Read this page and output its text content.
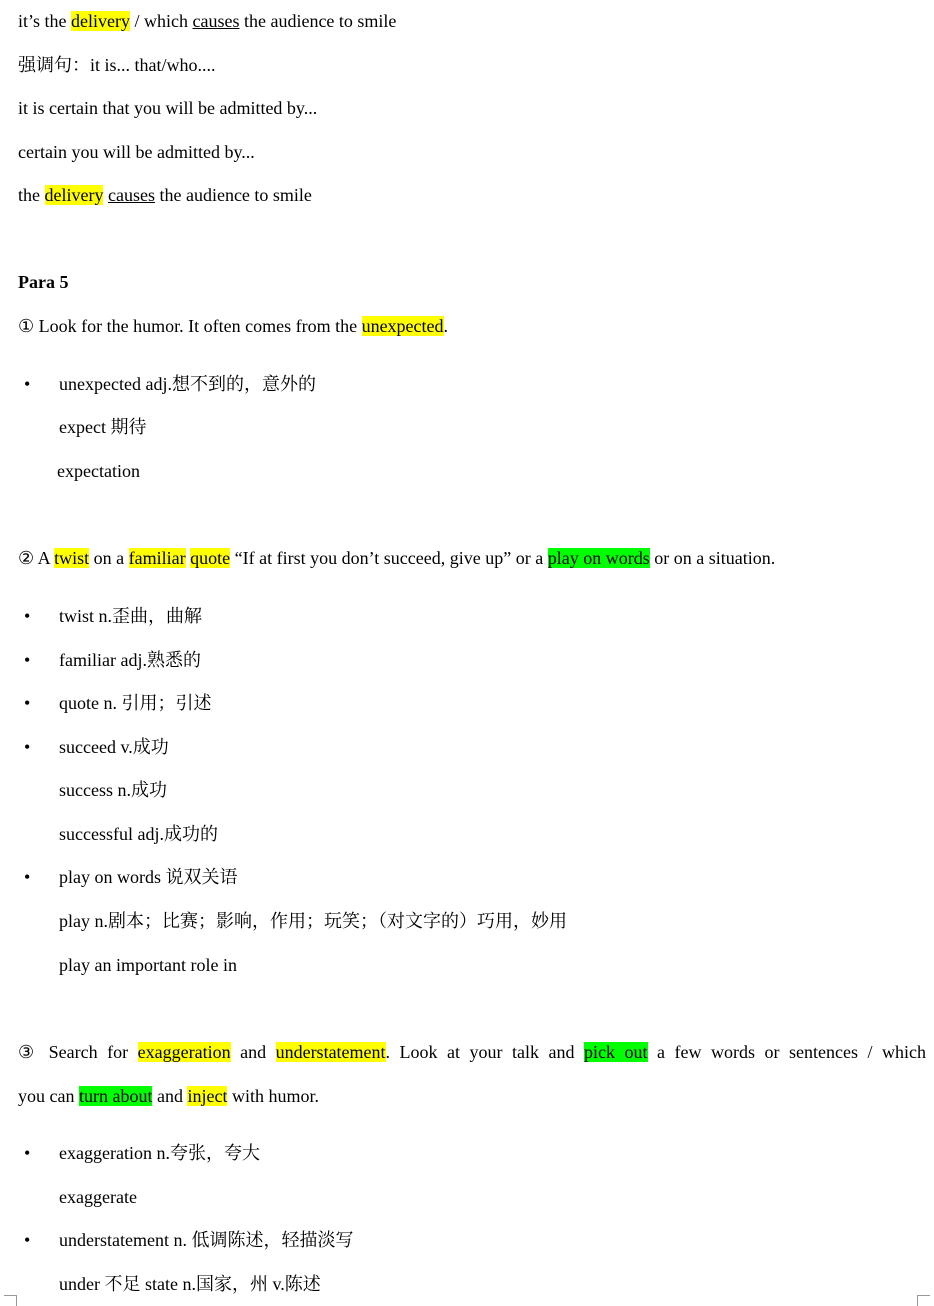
it’s the delivery / which causes the audience to smile
强调句：it is... that/who....
it is certain that you will be admitted by...
certain you will be admitted by...
the delivery causes the audience to smile
Para 5
① Look for the humor. It often comes from the unexpected.
• unexpected adj.想不到的，意外的
expect 期待
expectation
② A twist on a familiar quote “If at first you don’t succeed, give up” or a play on words or on a situation.
• twist n.歪曲，曲解
• familiar adj.熟悉的
• quote n. 引用；引述
• succeed v.成功
success n.成功
successful adj.成功的
• play on words 说双关语
play n.剧本；比赛；影响，作用；玩笑；（对文字的）巧用，妙用
play an important role in
③ Search for exaggeration and understatement. Look at your talk and pick out a few words or sentences / which
you can turn about and inject with humor.
• exaggeration n.夸张，夸大
exaggerate
• understatement n. 低调陈述，轻描淡写
under 不足 state n.国家，州 v.陈述
